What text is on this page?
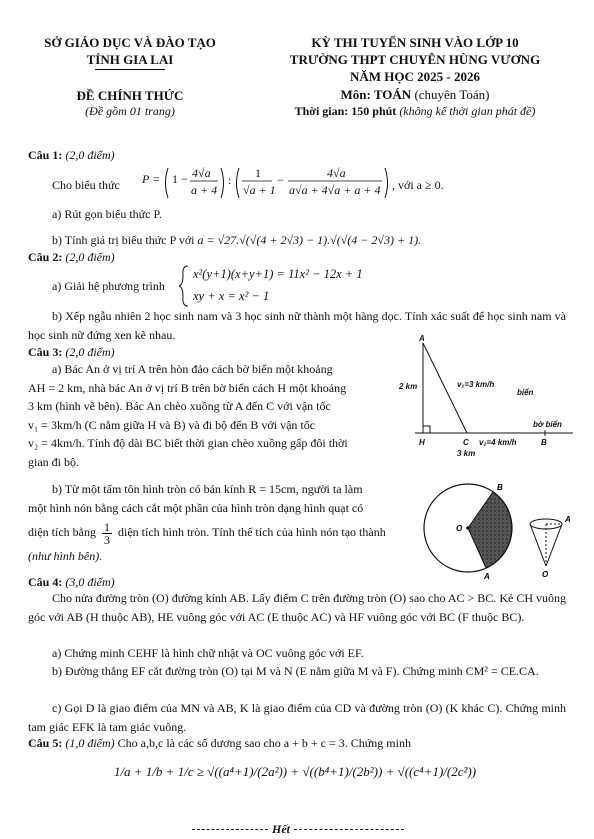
SỞ GIÁO DỤC VÀ ĐÀO TẠO
TỈNH GIA LAI
ĐỀ CHÍNH THỨC
(Đề gồm 01 trang)
KỲ THI TUYỂN SINH VÀO LỚP 10
TRƯỜNG THPT CHUYÊN HÙNG VƯƠNG
NĂM HỌC 2025 - 2026
Môn: TOÁN (chuyên Toán)
Thời gian: 150 phút (không kể thời gian phát đề)
Câu 1: (2,0 điểm)
Cho biểu thức P = 1 − 4√a
a + 4
: 1
√a + 1
−	4√a
a√a + 4√a + a + 4 , với a ≥ 0.
a) Rút gọn biểu thức P.
b) Tính giá trị biểu thức P với a = √27.√(√(4 + 2√3) − 1).√(√(4 − 2√3) + 1).
Câu 2: (2,0 điểm)
a) Giải hệ phương trình
x²(y+1)(x+y+1) = 11x² − 12x + 1
xy + x = x² − 1
b) Xếp ngẫu nhiên 2 học sinh nam và 3 học sinh nữ thành một hàng dọc. Tính xác suất để học sinh nam và học sinh nữ đứng xen kẽ nhau.
Câu 3: (2,0 điểm)

a) Bác An ở vị trí A trên hòn đảo cách bờ biển một khoảng

AH = 2 km, nhà bác An ở vị trí B trên bờ biển cách H một khoảng

3 km (hình vẽ bên). Bác An chèo xuồng từ A đến C với vận tốc

v₁ = 3km/h (C nằm giữa H và B) và đi bộ đến B với vận tốc

v₂ = 4km/h. Tính độ dài BC biết thời gian chèo xuồng gấp đôi thời

gian đi bộ.

A
2 km	v₁=3 km/h
biển
bờ biển
H	C v₂=4 km/h	B
3 km

b) Từ một tấm tôn hình tròn có bán kính R = 15cm, người ta làm

một hình nón bằng cách cắt một phần của hình tròn dạng hình quạt có

diện tích bằng $\frac{1}{3}$ diện tích hình tròn. Tính thể tích của hình nón tạo thành

(như hình bên).

B
O
A
A
O
Câu 4: (3,0 điểm)
Cho nửa đường tròn (O) đường kính AB. Lấy điểm C trên đường tròn (O) sao cho AC > BC. Kẻ CH vuông góc với AB (H thuộc AB), HE vuông góc với AC (E thuộc AC) và HF vuông góc với BC (F thuộc BC).
a) Chứng minh CEHF là hình chữ nhật và OC vuông góc với EF.
b) Đường thẳng EF cắt đường tròn (O) tại M và N (E nằm giữa M và F). Chứng minh CM² = CE.CA.
c) Gọi D là giao điểm của MN và AB, K là giao điểm của CD và đường tròn (O) (K khác C). Chứng minh tam giác EFK là tam giác vuông.
Câu 5: (1,0 điểm) Cho a,b,c là các số dương sao cho a + b + c = 3. Chứng minh
1/a + 1/b + 1/c ≥ √((a⁴+1)/(2a²)) + √((b⁴+1)/(2b²)) + √((c⁴+1)/(2c²))
Hết
